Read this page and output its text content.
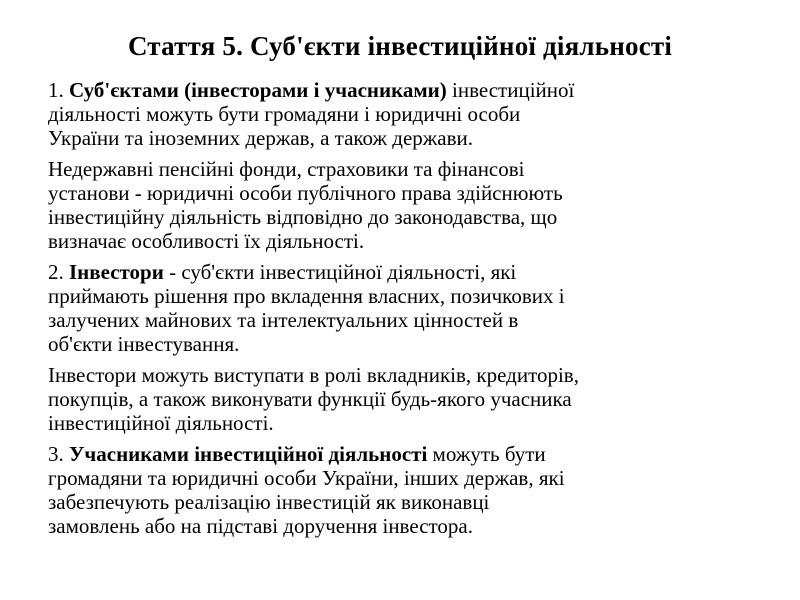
Стаття 5. Суб'єкти інвестиційної діяльності
1. Суб'єктами (інвесторами і учасниками) інвестиційної
діяльності можуть бути громадяни і юридичні особи
України та іноземних держав, а також держави.
Недержавні пенсійні фонди, страховики та фінансові
установи - юридичні особи публічного права здійснюють
інвестиційну діяльність відповідно до законодавства, що
визначає особливості їх діяльності.
2. Інвестори - суб'єкти інвестиційної діяльності, які
приймають рішення про вкладення власних, позичкових і
залучених майнових та інтелектуальних цінностей в
об'єкти інвестування.
Інвестори можуть виступати в ролі вкладників, кредиторів,
покупців, а також виконувати функції будь-якого учасника
інвестиційної діяльності.
3. Учасниками інвестиційної діяльності можуть бути
громадяни та юридичні особи України, інших держав, які
забезпечують реалізацію інвестицій як виконавці
замовлень або на підставі доручення інвестора.
